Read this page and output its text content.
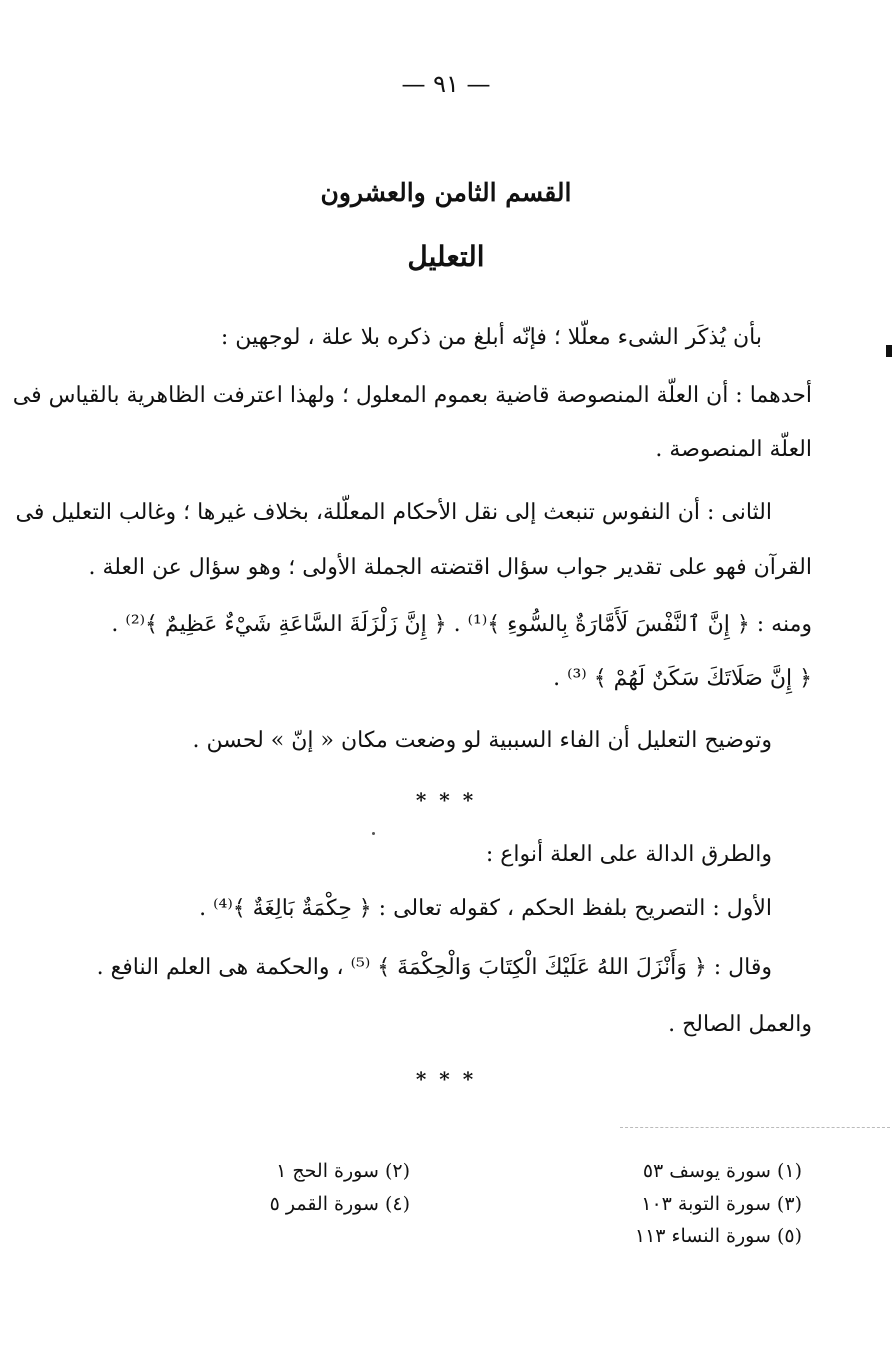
— ٩١ —
القسم الثامن والعشرون
التعليل
بأن يُذكَر الشىء معلّلا ؛ فإنّه أبلغ من ذكره بلا علة ، لوجهين :
أحدهما : أن العلّة المنصوصة قاضية بعموم المعلول ؛ ولهذا اعترفت الظاهرية بالقياس فى
العلّة المنصوصة .
الثانى : أن النفوس تنبعث إلى نقل الأحكام المعلّلة، بخلاف غيرها ؛ وغالب التعليل فى
القرآن فهو على تقدير جواب سؤال اقتضته الجملة الأولى ؛ وهو سؤال عن العلة .
ومنه : ﴿ إِنَّ ٱلنَّفْسَ لَأَمَّارَةٌ بِالسُّوءِ ﴾⁽¹⁾ . ﴿ إِنَّ زَلْزَلَةَ السَّاعَةِ شَيْءٌ عَظِيمٌ ﴾⁽²⁾ .
﴿ إِنَّ صَلَاتَكَ سَكَنٌ لَهُمْ ﴾ ⁽³⁾ .
وتوضيح التعليل أن الفاء السببية لو وضعت مكان « إنّ » لحسن .
* * *
والطرق الدالة على العلة أنواع :
الأول : التصريح بلفظ الحكم ، كقوله تعالى : ﴿ حِكْمَةٌ بَالِغَةٌ ﴾⁽⁴⁾ .
وقال : ﴿ وَأَنْزَلَ اللهُ عَلَيْكَ الْكِتَابَ وَالْحِكْمَةَ ﴾ ⁽⁵⁾ ، والحكمة هى العلم النافع .
والعمل الصالح .
* * *
(١) سورة يوسف ٥٣
(٣) سورة التوبة ١٠٣
(٥) سورة النساء ١١٣
(٢) سورة الحج ١
(٤) سورة القمر ٥
